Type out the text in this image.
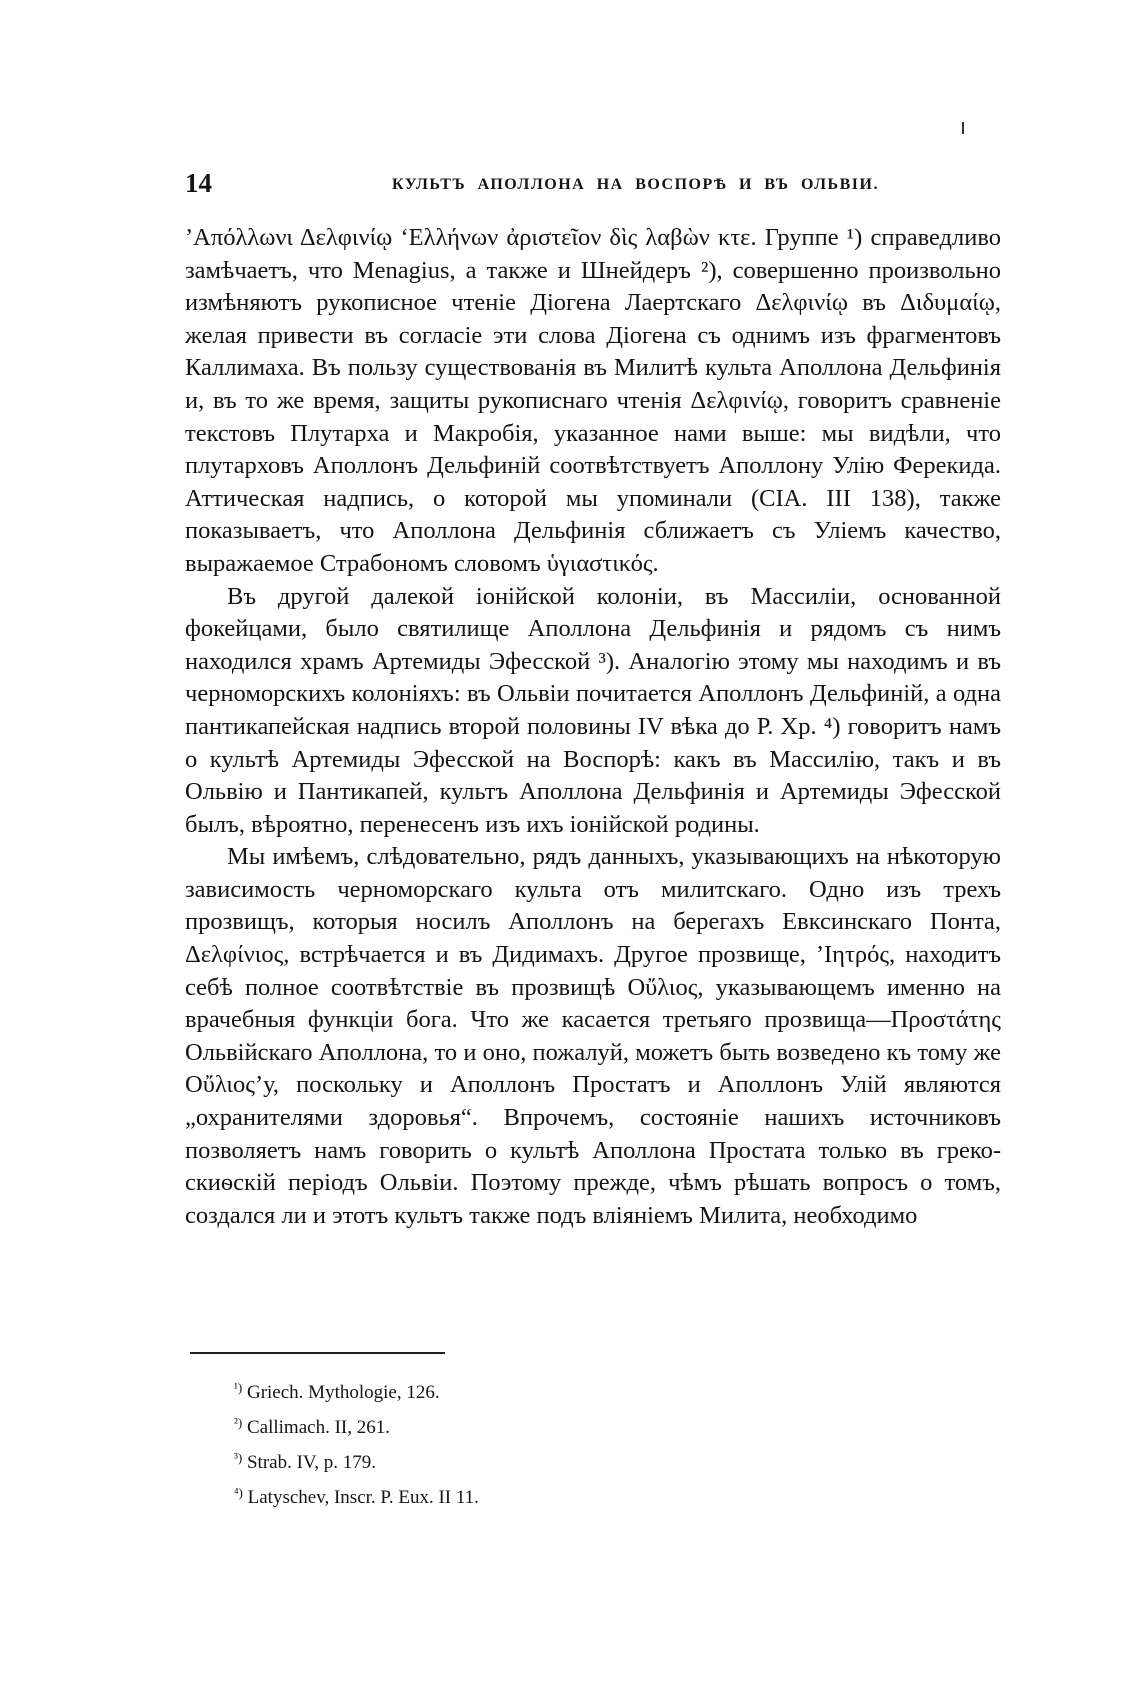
14	КУЛЬТЪ АПОЛЛОНА НА ВОСПОРѢ И ВЪ ОЛЬВІИ.

’Απόλλωνι Δελφινίῳ ‘Ελλήνων ἀριστεῖον δὶς λαβὼν κτε. Группе ¹) справедливо замѣчаетъ, что Menagius, а также и Шнейдеръ ²), совершенно произвольно измѣняютъ рукописное чтеніе Діогена Лаертскаго Δελφινίῳ въ Διδυμαίῳ, желая привести въ согласіе эти слова Діогена съ однимъ изъ фрагментовъ Каллимаха. Въ пользу существованія въ Милитѣ культа Аполлона Дельфинія и, въ то же время, защиты рукописнаго чтенія Δελφινίῳ, говоритъ сравненіе текстовъ Плутарха и Макробія, указанное нами выше: мы видѣли, что плутарховъ Аполлонъ Дельфиній соотвѣтствуетъ Аполлону Улію Ферекида. Аттическая надпись, о которой мы упоминали (CIA. III 138), также показываетъ, что Аполлона Дельфинія сближаетъ съ Уліемъ качество, выражаемое Страбономъ словомъ ὑγιαστικός.

Въ другой далекой іонійской колоніи, въ Массиліи, основанной фокейцами, было святилище Аполлона Дельфинія и рядомъ съ нимъ находился храмъ Артемиды Эфесской ³). Аналогію этому мы находимъ и въ черноморскихъ колоніяхъ: въ Ольвіи почитается Аполлонъ Дельфиній, а одна пантикапейская надпись второй половины IV вѣка до Р. Хр. ⁴) говоритъ намъ о культѣ Артемиды Эфесской на Воспорѣ: какъ въ Массилію, такъ и въ Ольвію и Пантикапей, культъ Аполлона Дельфинія и Артемиды Эфесской былъ, вѣроятно, перенесенъ изъ ихъ іонійской родины.

Мы имѣемъ, слѣдовательно, рядъ данныхъ, указывающихъ на нѣкоторую зависимость черноморскаго культа отъ милитскаго. Одно изъ трехъ прозвищъ, которыя носилъ Аполлонъ на берегахъ Евксинскаго Понта, Δελφίνιος, встрѣчается и въ Дидимахъ. Другое прозвище, ’Ιητρός, находитъ себѣ полное соотвѣтствіе въ прозвищѣ Οὔλιος, указывающемъ именно на врачебныя функціи бога. Что же касается третьяго прозвища—Προστάτης Ольвійскаго Аполлона, то и оно, пожалуй, можетъ быть возведено къ тому же Οὔλιος’у, поскольку и Аполлонъ Простатъ и Аполлонъ Улій являются „охранителями здоровья“. Впрочемъ, состояніе нашихъ источниковъ позволяетъ намъ говорить о культѣ Аполлона Простата только въ греко-скиѳскій періодъ Ольвіи. Поэтому прежде, чѣмъ рѣшать вопросъ о томъ, создался ли и этотъ культъ также подъ вліяніемъ Милита, необходимо

$^{^1)}$ Griech. Mythologie, 126.
$^{^2)}$ Callimach. II, 261.
$^{^3)}$ Strab. IV, p. 179.
$^{^4)}$ Latyschev, Inscr. P. Eux. II 11.
